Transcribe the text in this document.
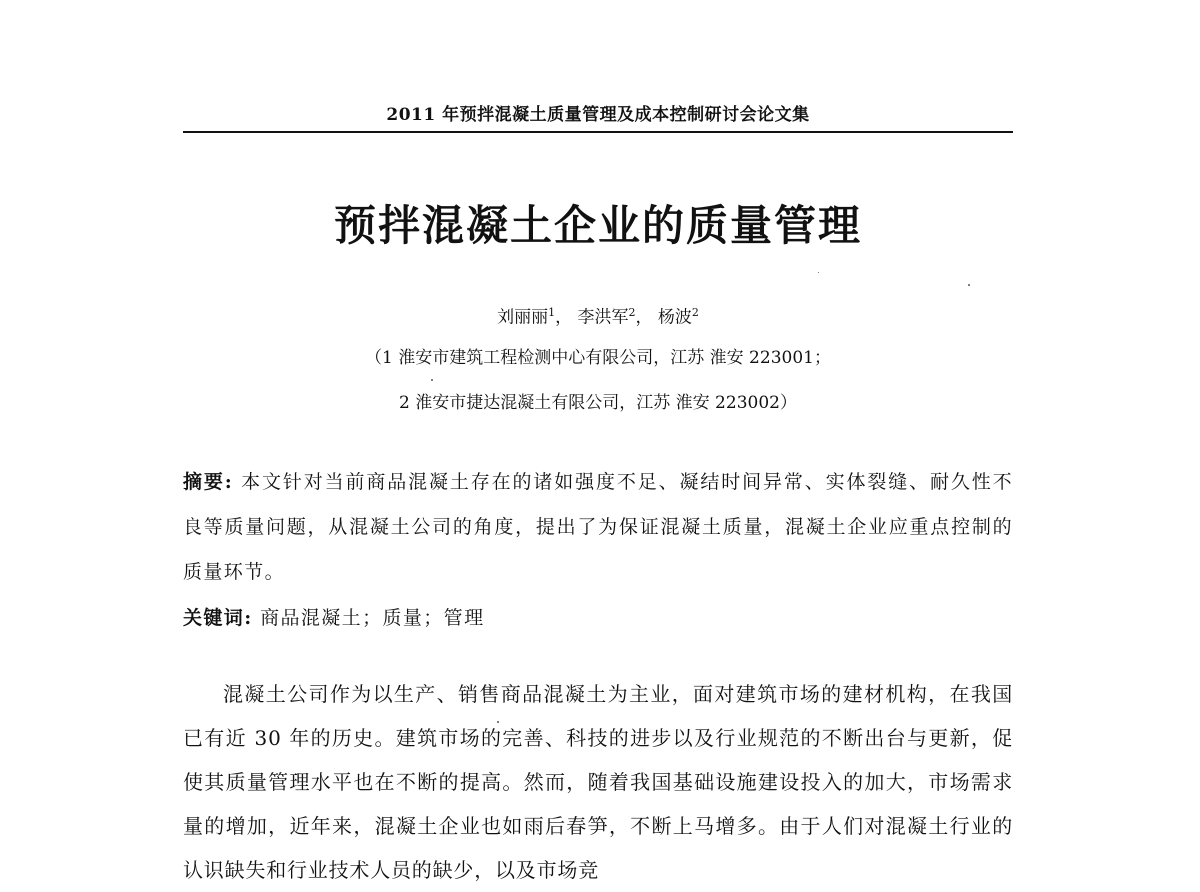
2011 年预拌混凝土质量管理及成本控制研讨会论文集
预拌混凝土企业的质量管理
刘丽丽$^1$， 李洪军$^2$， 杨波$^2$
（1 淮安市建筑工程检测中心有限公司，江苏 淮安 223001；
2 淮安市捷达混凝土有限公司，江苏 淮安 223002）
摘要: 本文针对当前商品混凝土存在的诸如强度不足、凝结时间异常、实体裂缝、耐久性不良等质量问题，从混凝土公司的角度，提出了为保证混凝土质量，混凝土企业应重点控制的质量环节。
关键词: 商品混凝土；质量；管理
混凝土公司作为以生产、销售商品混凝土为主业，面对建筑市场的建材机构，在我国已有近 30 年的历史。建筑市场的完善、科技的进步以及行业规范的不断出台与更新，促使其质量管理水平也在不断的提高。然而，随着我国基础设施建设投入的加大，市场需求量的增加，近年来，混凝土企业也如雨后春笋，不断上马增多。由于人们对混凝土行业的认识缺失和行业技术人员的缺少，以及市场竞
